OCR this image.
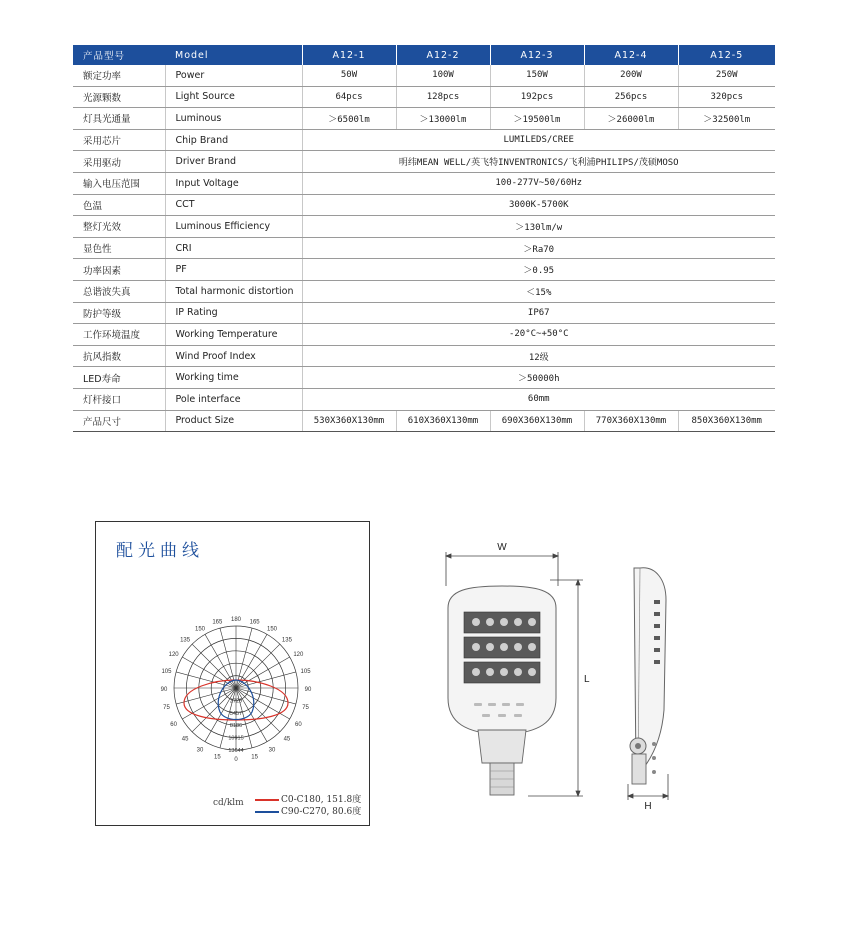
产品型号	Model	A12-1	A12-2	A12-3	A12-4	A12-5
额定功率	Power	50W	100W	150W	200W	250W
光源颗数	Light Source	64pcs	128pcs	192pcs	256pcs	320pcs
灯具光通量	Luminous	＞6500lm	＞13000lm	＞19500lm	＞26000lm	＞32500lm
采用芯片	Chip Brand	LUMILEDS/CREE				
采用驱动	Driver Brand	明纬MEAN WELL/英飞特INVENTRONICS/飞利浦PHILIPS/茂硕MOSO				
输入电压范围	Input Voltage	100-277V~50/60Hz				
色温	CCT	3000K-5700K				
整灯光效	Luminous Efficiency	＞130lm/w				
显色性	CRI	＞Ra70				
功率因素	PF	＞0.95				
总谐波失真	Total harmonic distortion	＜15%				
防护等级	IP Rating	IP67				
工作环境温度	Working Temperature	-20°C~+50°C				
抗风指数	Wind Proof Index	12级				
LED寿命	Working time	＞50000h				
灯杆接口	Pole interface	60mm				
产品尺寸	Product Size	530X360X130mm	610X360X130mm	690X360X130mm	770X360X130mm	850X360X130mm
配光曲线
180
165	165
150	150
135	135
120	120
105	105
90	90
75	75
60	60
45	45
30	30
15	15
0
2729
5457
8186
10915
13644
cd/klm	C0-C180, 151.8度
C90-C270, 80.6度
W
L
H
